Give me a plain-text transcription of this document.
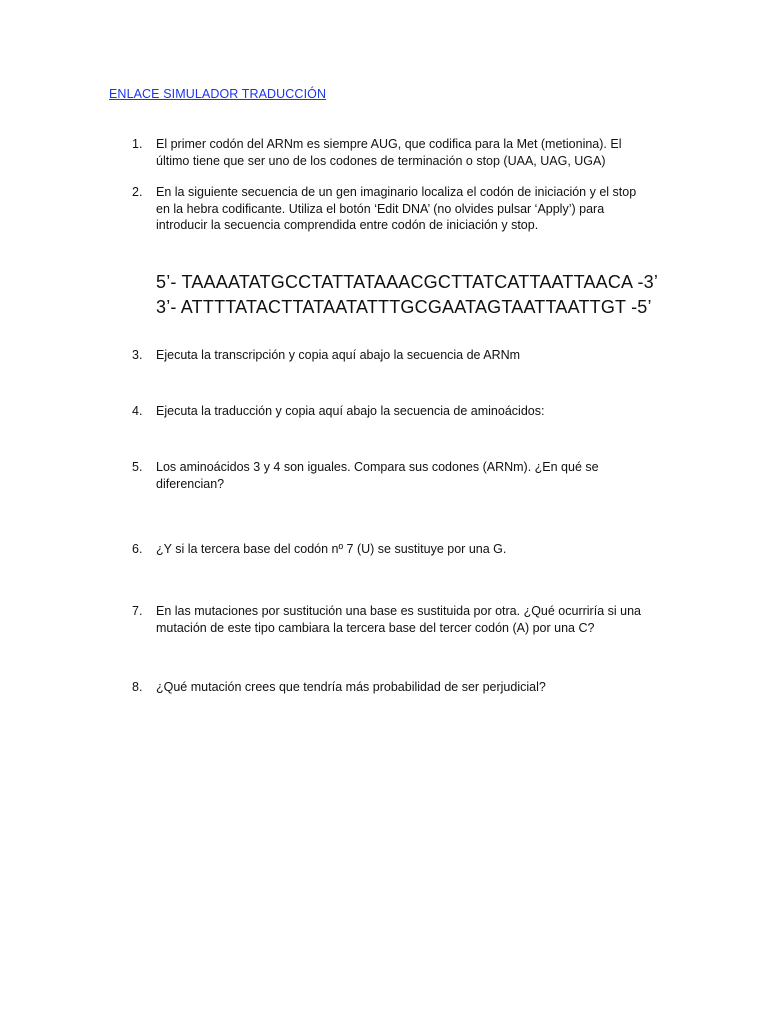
ENLACE SIMULADOR TRADUCCIÓN
1. El primer codón del ARNm es siempre AUG, que codifica para la Met (metionina). El
último tiene que ser uno de los codones de terminación o stop (UAA, UAG, UGA)
2. En la siguiente secuencia de un gen imaginario localiza el codón de iniciación y el stop
en la hebra codificante. Utiliza el botón ‘Edit DNA’ (no olvides pulsar ‘Apply’) para
introducir la secuencia comprendida entre codón de iniciación y stop.
5’- TAAAATATGCCTATTATAAACGCTTATCATTAATTAACA -3’
3’- ATTTTATACTTATAATATTTGCGAATAGTAATTAATTGT -5’
3. Ejecuta la transcripción y copia aquí abajo la secuencia de ARNm
4. Ejecuta la traducción y copia aquí abajo la secuencia de aminoácidos:
5. Los aminoácidos 3 y 4 son iguales. Compara sus codones (ARNm). ¿En qué se
diferencian?
6. ¿Y si la tercera base del codón nº 7 (U) se sustituye por una G.
7. En las mutaciones por sustitución una base es sustituida por otra. ¿Qué ocurriría si una
mutación de este tipo cambiara la tercera base del tercer codón (A) por una C?
8. ¿Qué mutación crees que tendría más probabilidad de ser perjudicial?
